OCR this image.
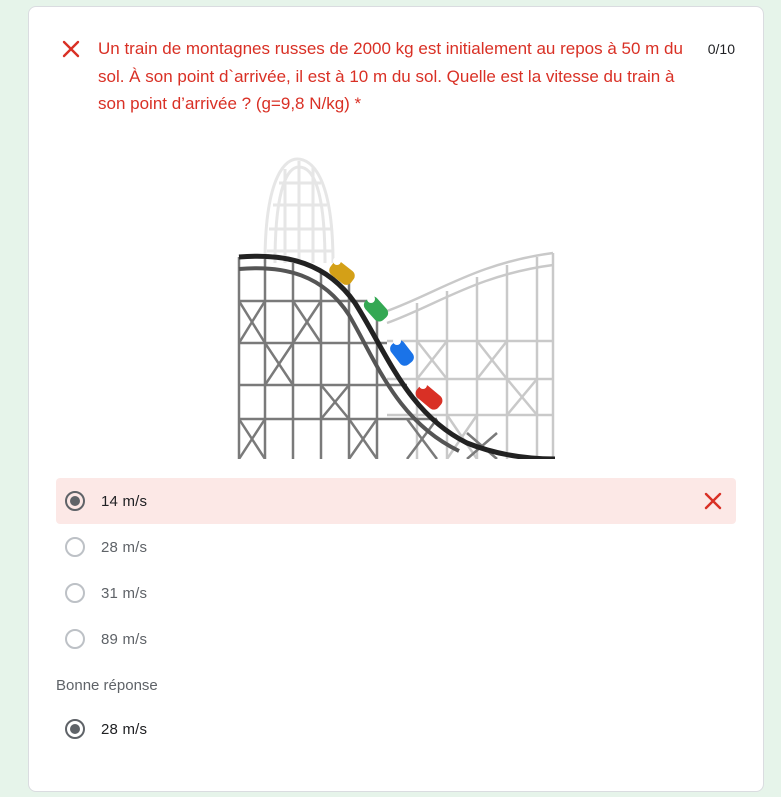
Un train de montagnes russes de 2000 kg est initialement au repos à 50 m du sol. À son point d`arrivée, il est à 10 m du sol. Quelle est la vitesse du train à son point d’arrivée ? (g=9,8 N/kg) *
0/10
14 m/s
28 m/s
31 m/s
89 m/s
Bonne réponse
28 m/s
